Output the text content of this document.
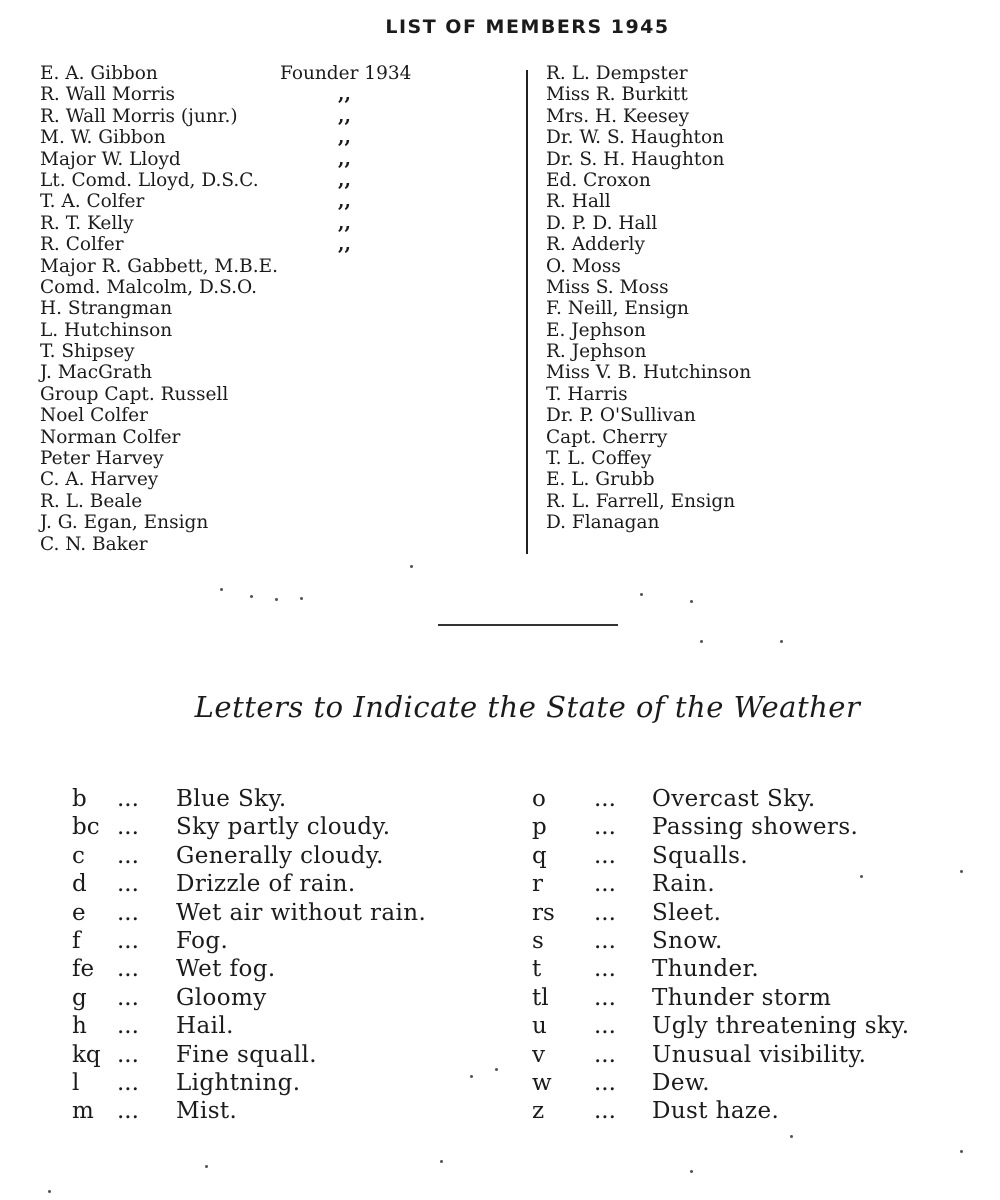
LIST OF MEMBERS 1945
E. A. Gibbon	Founder 1934
R. Wall Morris	,,
R. Wall Morris (junr.)	,,
M. W. Gibbon	,,
Major W. Lloyd	,,
Lt. Comd. Lloyd, D.S.C.	,,
T. A. Colfer	,,
R. T. Kelly	,,
R. Colfer	,,
Major R. Gabbett, M.B.E.
Comd. Malcolm, D.S.O.
H. Strangman
L. Hutchinson
T. Shipsey
J. MacGrath
Group Capt. Russell
Noel Colfer
Norman Colfer
Peter Harvey
C. A. Harvey
R. L. Beale
J. G. Egan, Ensign
C. N. Baker
R. L. Dempster
Miss R. Burkitt
Mrs. H. Keesey
Dr. W. S. Haughton
Dr. S. H. Haughton
Ed. Croxon
R. Hall
D. P. D. Hall
R. Adderly
O. Moss
Miss S. Moss
F. Neill, Ensign
E. Jephson
R. Jephson
Miss V. B. Hutchinson
T. Harris
Dr. P. O'Sullivan
Capt. Cherry
T. L. Coffey
E. L. Grubb
R. L. Farrell, Ensign
D. Flanagan
Letters to Indicate the State of the Weather
b ... Blue Sky.
bc ... Sky partly cloudy.
c ... Generally cloudy.
d ... Drizzle of rain.
e ... Wet air without rain.
f ... Fog.
fe ... Wet fog.
g ... Gloomy
h ... Hail.
kq ... Fine squall.
l ... Lightning.
m ... Mist.
o ... Overcast Sky.
p ... Passing showers.
q ... Squalls.
r ... Rain.
rs ... Sleet.
s ... Snow.
t ... Thunder.
tl ... Thunder storm
u ... Ugly threatening sky.
v ... Unusual visibility.
w ... Dew.
z ... Dust haze.
